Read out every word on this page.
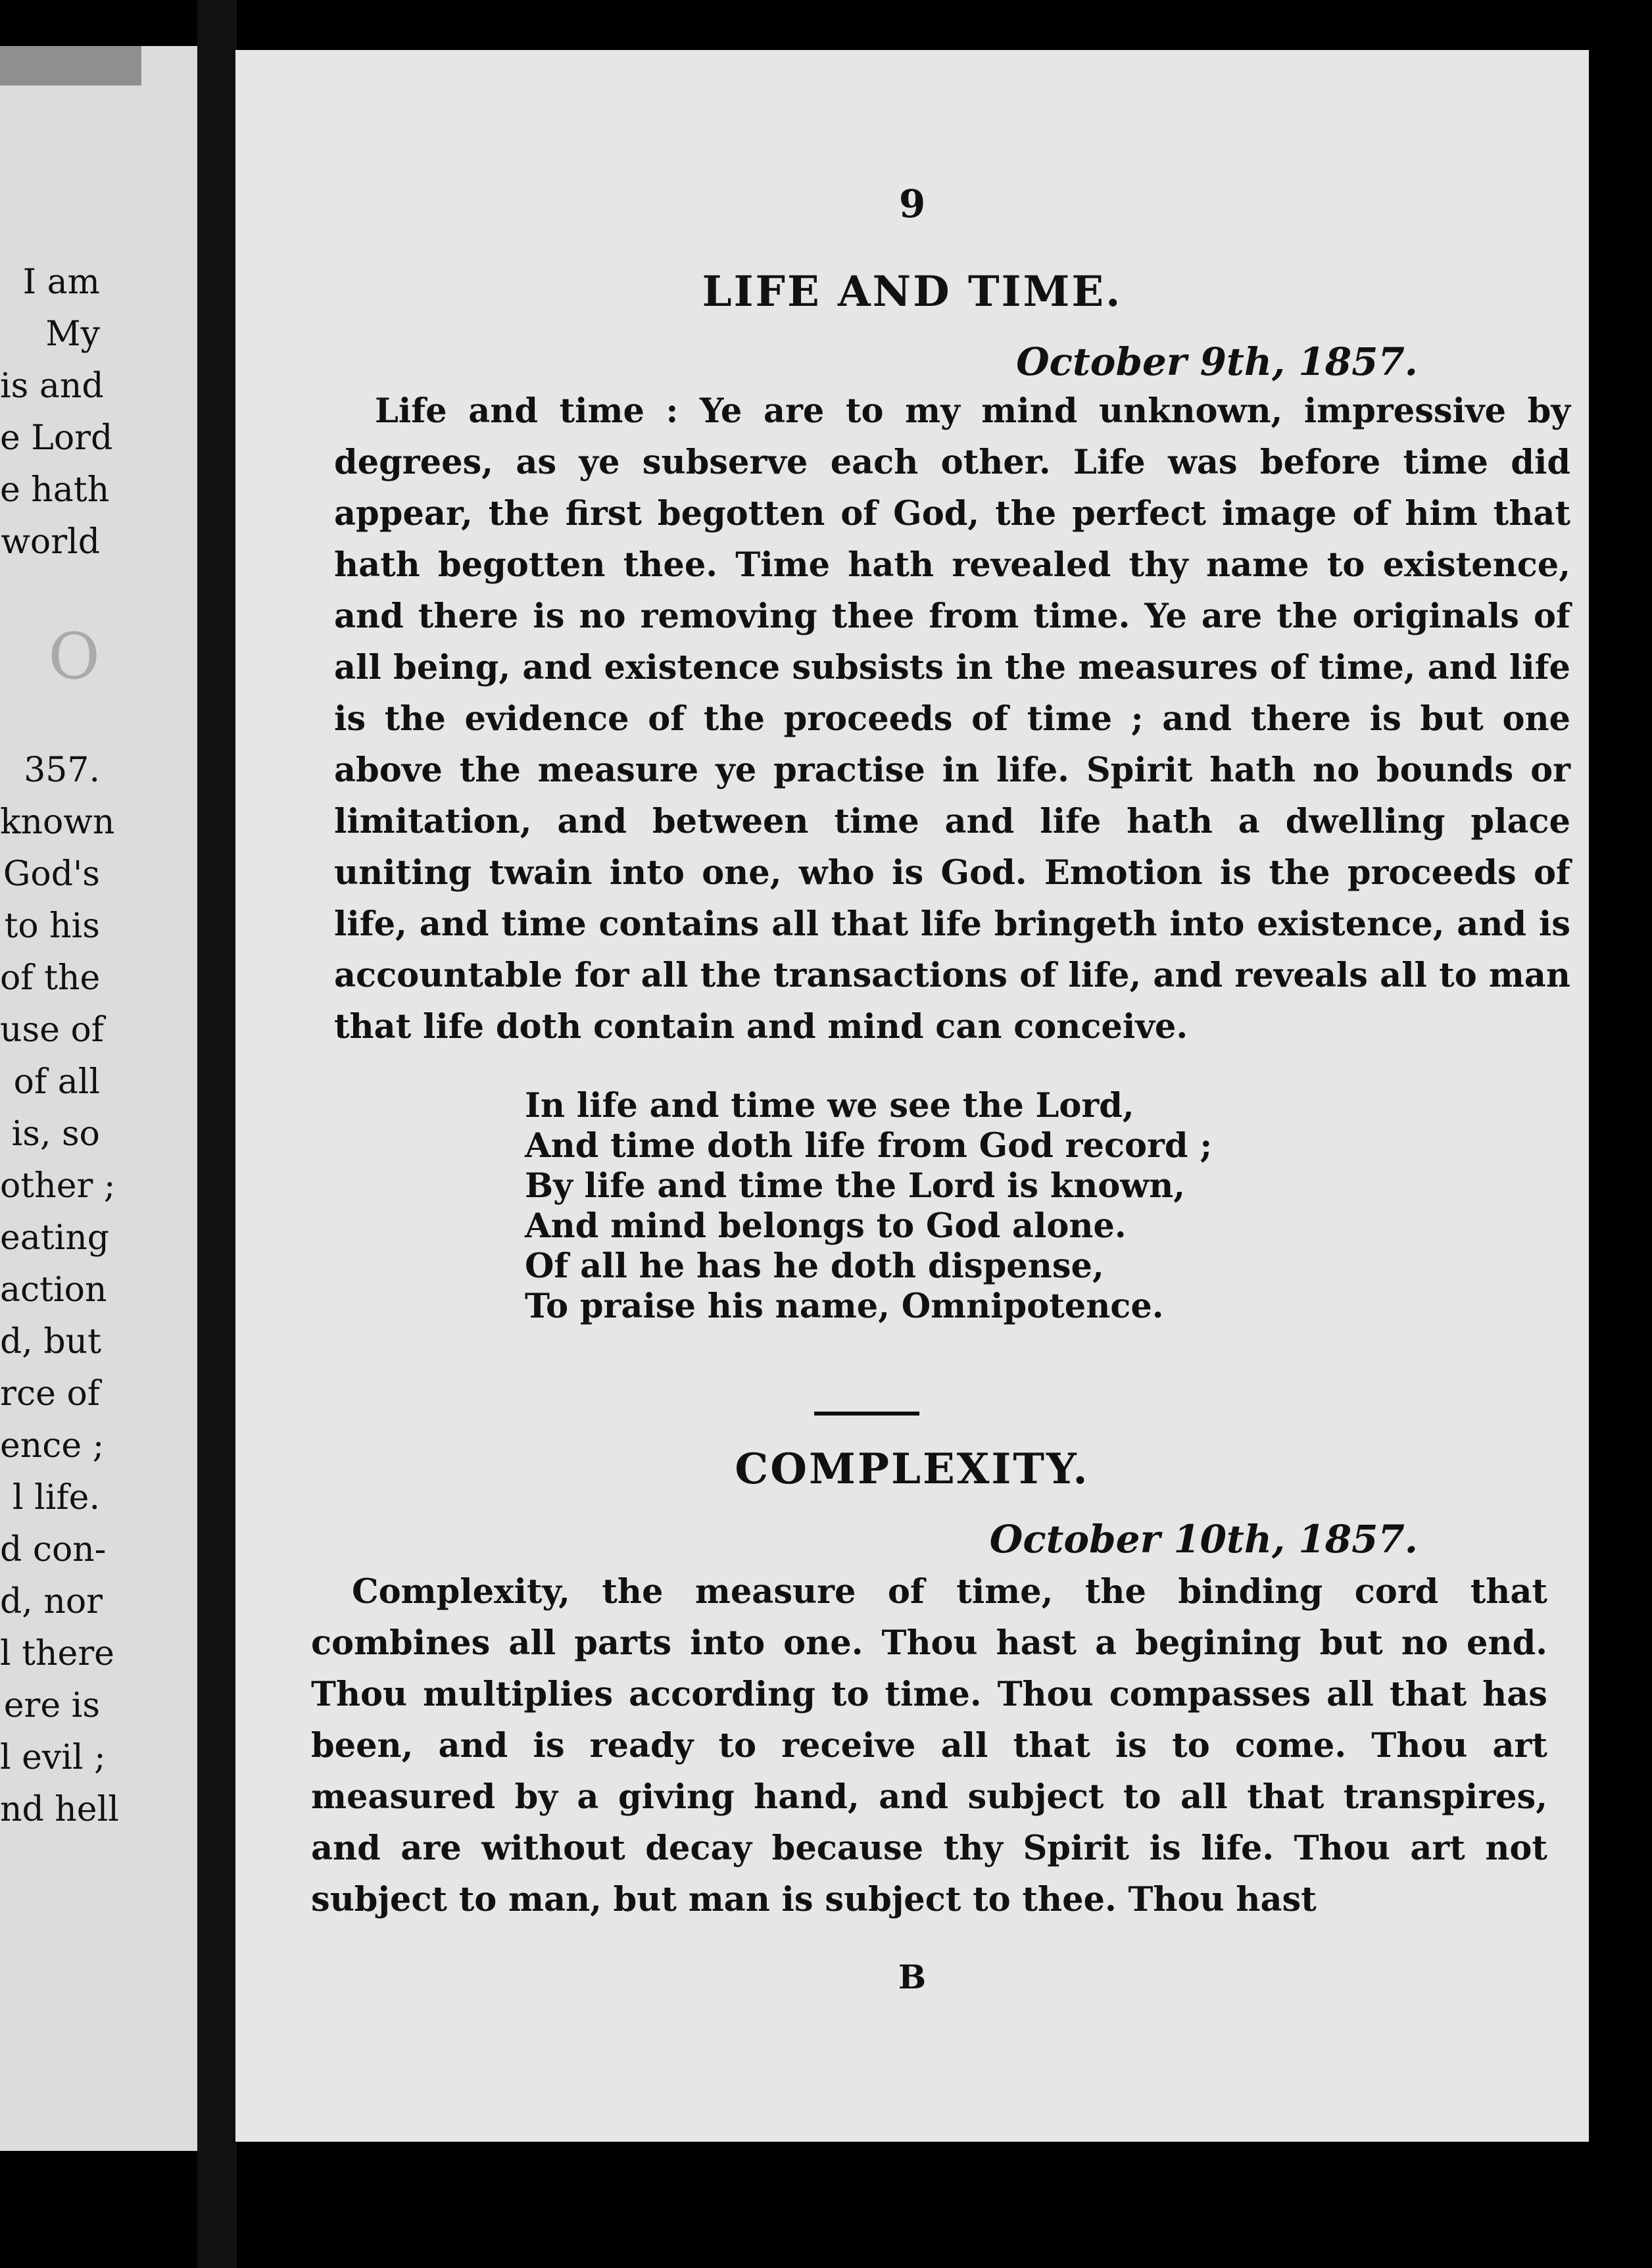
I am
My
is and
e Lord
e hath
world

O

357.
known
God's
to his
of the
use of
of all
is, so
other ;
eating
action
d, but
rce of
ence ;
l life.
d con-
d, nor
l there
ere is
l evil ;
nd hell
9
LIFE AND TIME.
October 9th, 1857.

Life and time : Ye are to my mind unknown, impressive by degrees, as ye subserve each other. Life was before time did appear, the first begotten of God, the perfect image of him that hath begotten thee. Time hath revealed thy name to existence, and there is no removing thee from time. Ye are the originals of all being, and existence subsists in the measures of time, and life is the evidence of the proceeds of time ; and there is but one above the measure ye practise in life. Spirit hath no bounds or limitation, and between time and life hath a dwelling place uniting twain into one, who is God. Emotion is the proceeds of life, and time contains all that life bringeth into existence, and is accountable for all the transactions of life, and reveals all to man that life doth contain and mind can conceive.

In life and time we see the Lord,
And time doth life from God record ;
By life and time the Lord is known,
And mind belongs to God alone.
Of all he has he doth dispense,
To praise his name, Omnipotence.
COMPLEXITY.
October 10th, 1857.

Complexity, the measure of time, the binding cord that combines all parts into one. Thou hast a begining but no end. Thou multiplies according to time. Thou compasses all that has been, and is ready to receive all that is to come. Thou art measured by a giving hand, and subject to all that transpires, and are without decay because thy Spirit is life. Thou art not subject to man, but man is subject to thee. Thou hast

B
